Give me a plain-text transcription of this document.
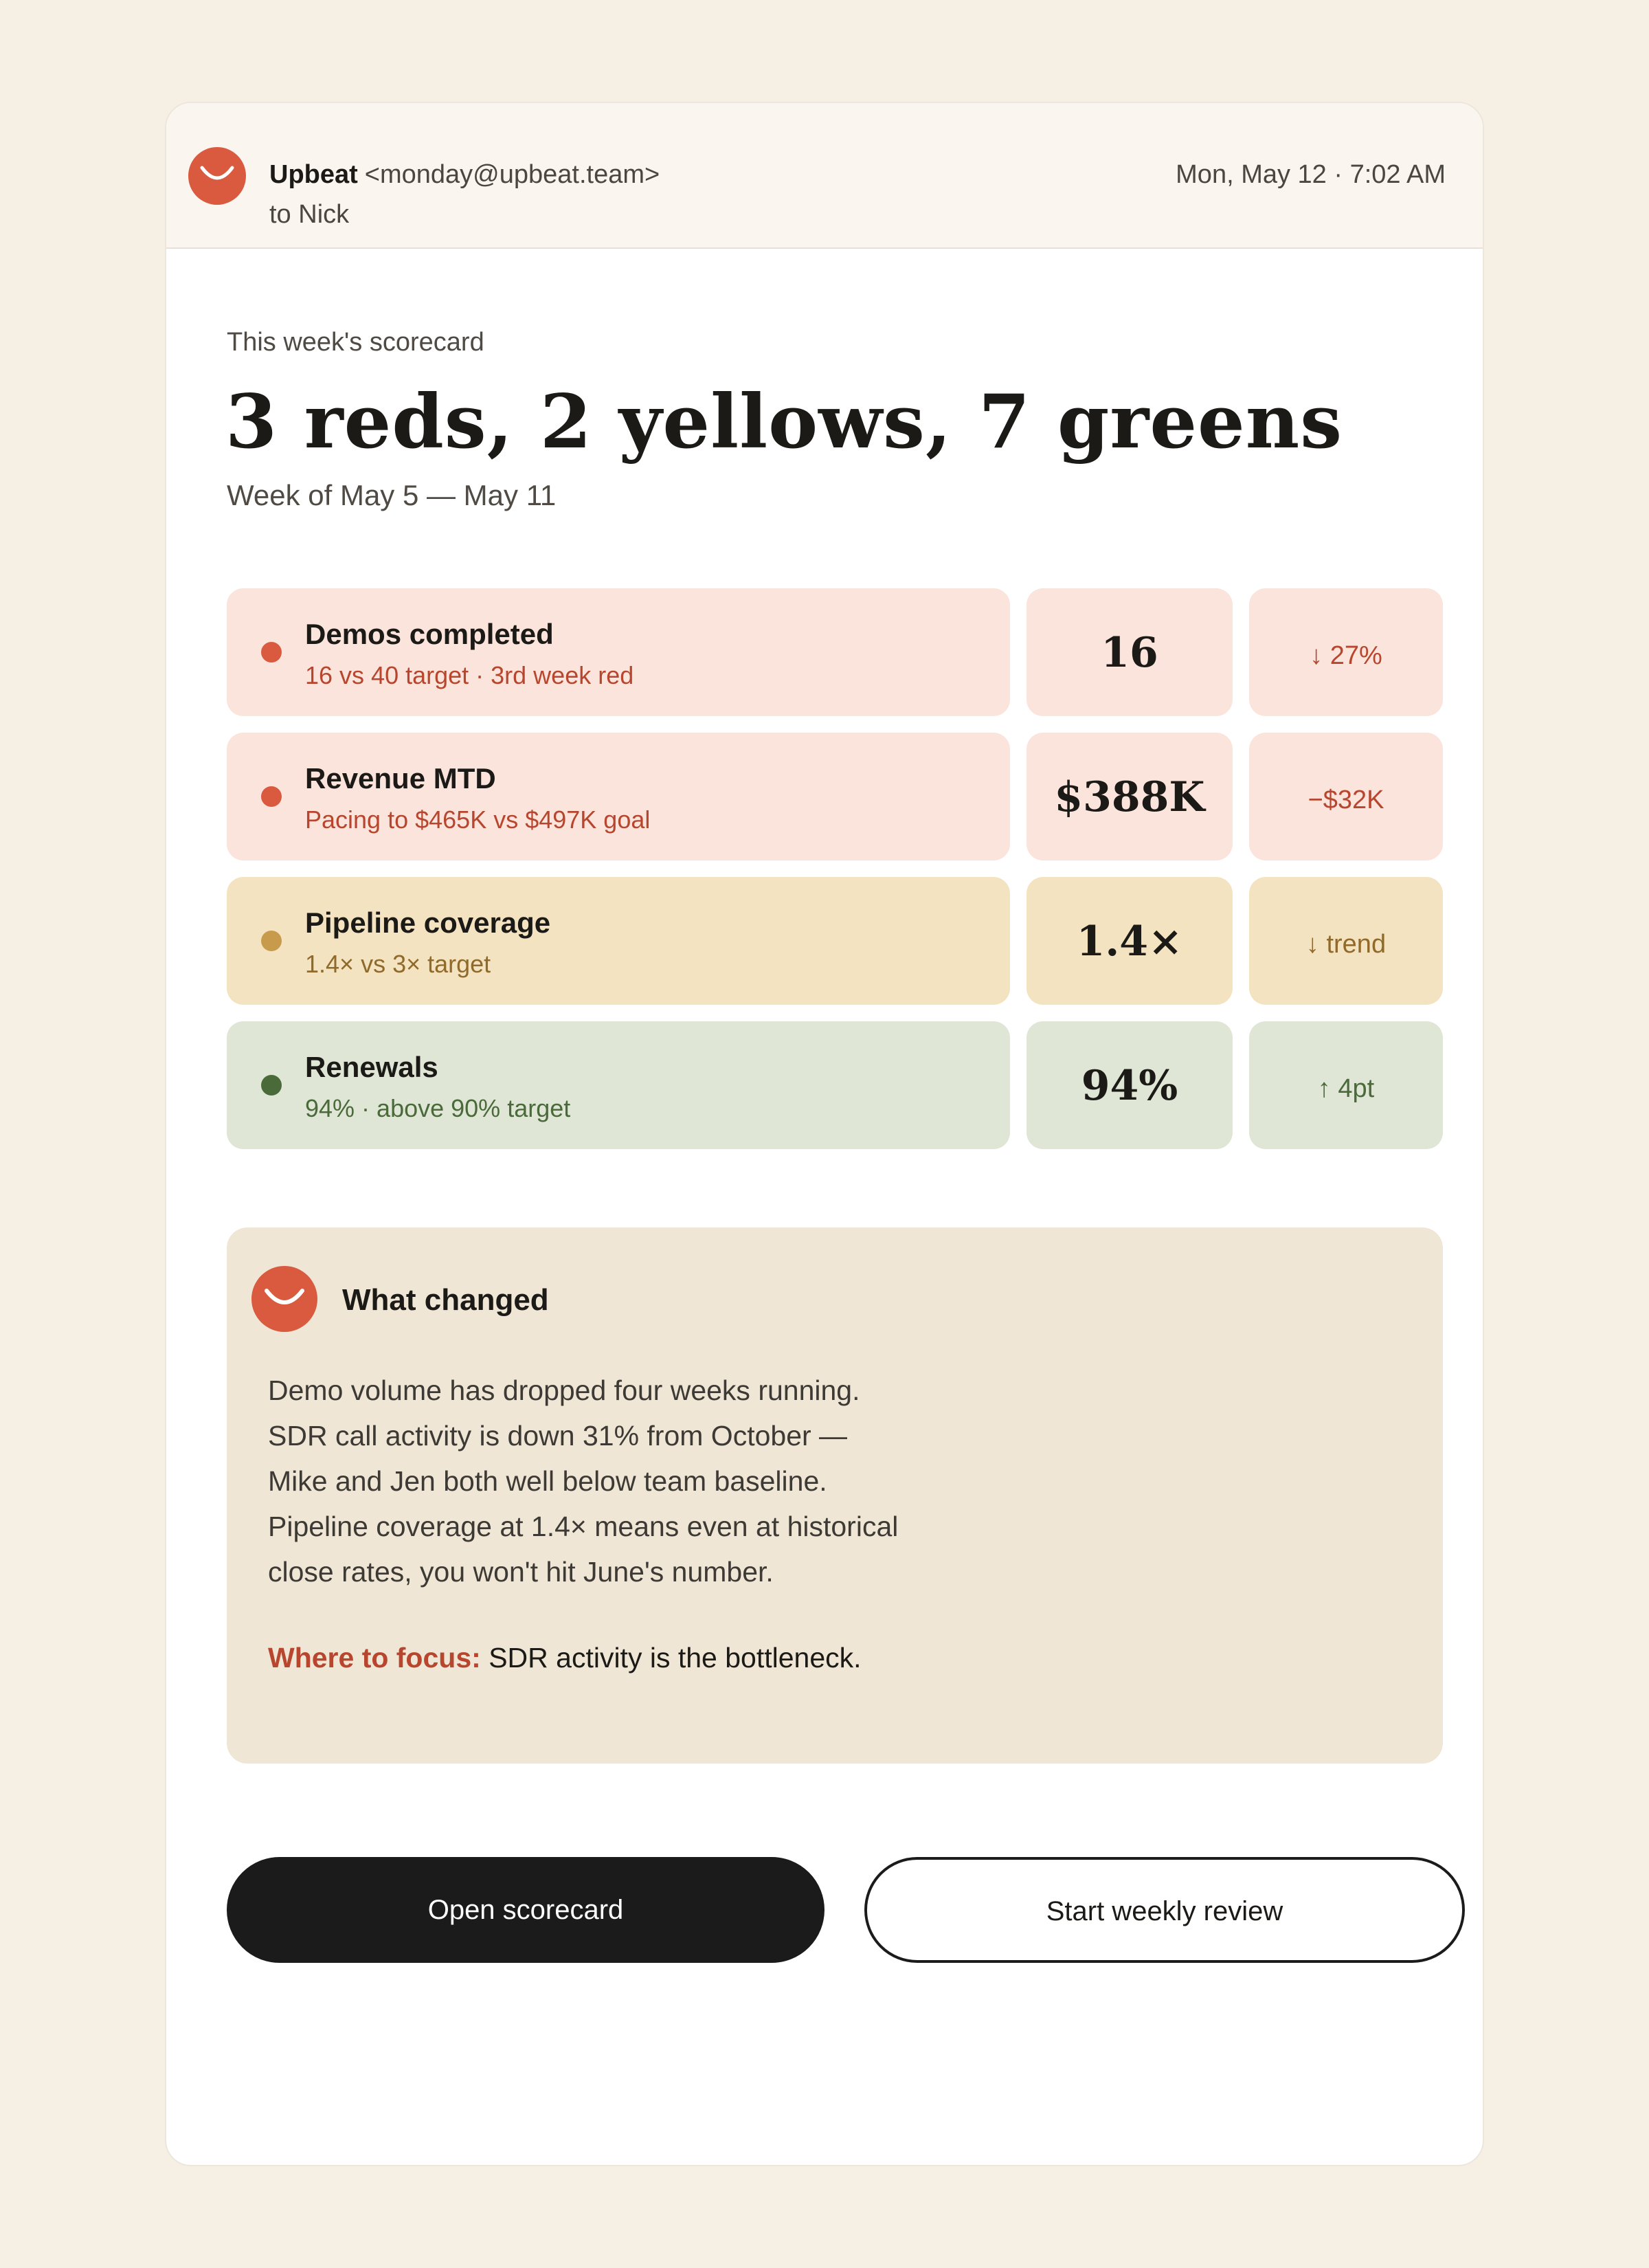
Upbeat <monday@upbeat.team>
to Nick
Mon, May 12 · 7:02 AM
This week's scorecard
3 reds, 2 yellows, 7 greens
Week of May 5 — May 11
Demos completed
16 vs 40 target · 3rd week red	16	↓ 27%
Revenue MTD
Pacing to $465K vs $497K goal	$388K	−$32K
Pipeline coverage
1.4× vs 3× target	1.4×	↓ trend
Renewals
94% · above 90% target	94%	↑ 4pt
What changed
Demo volume has dropped four weeks running.
SDR call activity is down 31% from October —
Mike and Jen both well below team baseline.
Pipeline coverage at 1.4× means even at historical
close rates, you won't hit June's number.
Where to focus: SDR activity is the bottleneck.
Open scorecard	Start weekly review
